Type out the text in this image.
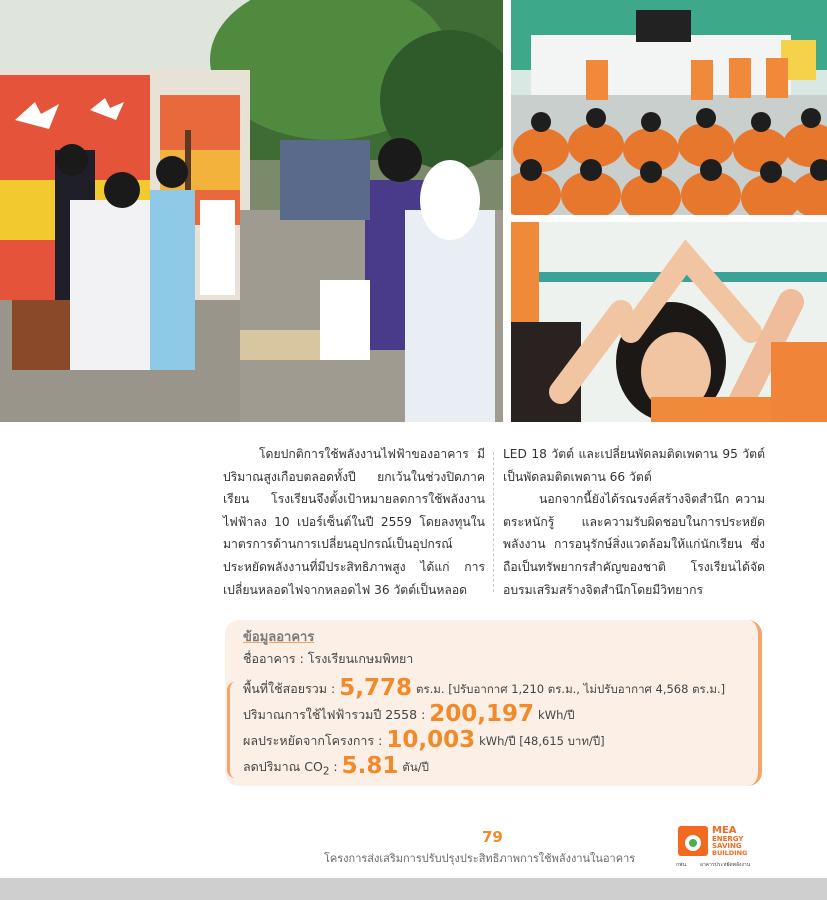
โดยปกติการใช้พลังงานไฟฟ้าของอาคาร มีปริมาณสูงเกือบตลอดทั้งปี ยกเว้นในช่วงปิดภาคเรียน โรงเรียนจึงตั้งเป้าหมายลดการใช้พลังงานไฟฟ้าลง 10 เปอร์เซ็นต์ในปี 2559 โดยลงทุนในมาตรการด้านการเปลี่ยนอุปกรณ์เป็นอุปกรณ์ประหยัดพลังงานที่มีประสิทธิภาพสูง ได้แก่ การเปลี่ยนหลอดไฟจากหลอดไฟ 36 วัตต์เป็นหลอด

LED 18 วัตต์ และเปลี่ยนพัดลมติดเพดาน 95 วัตต์ เป็นพัดลมติดเพดาน 66 วัตต์

นอกจากนี้ยังได้รณรงค์สร้างจิตสำนึก ความตระหนักรู้ และความรับผิดชอบในการประหยัดพลังงาน การอนุรักษ์สิ่งแวดล้อมให้แก่นักเรียน ซึ่งถือเป็นทรัพยากรสำคัญของชาติ โรงเรียนได้จัดอบรมเสริมสร้างจิตสำนึกโดยมีวิทยากร

ข้อมูลอาคาร
ชื่ออาคาร : โรงเรียนเกษมพิทยา
พื้นที่ใช้สอยรวม : 5,778 ตร.ม. [ปรับอากาศ 1,210 ตร.ม., ไม่ปรับอากาศ 4,568 ตร.ม.]
ปริมาณการใช้ไฟฟ้ารวมปี 2558 : 200,197 kWh/ปี
ผลประหยัดจากโครงการ : 10,003 kWh/ปี [48,615 บาท/ปี]
ลดปริมาณ $CO_2$ : 5.81 ตัน/ปี
79
โครงการส่งเสริมการปรับปรุงประสิทธิภาพการใช้พลังงานในอาคาร
MEA
ENERGY
SAVING
BUILDING
กฟน. อาคารประหยัดพลังงาน
